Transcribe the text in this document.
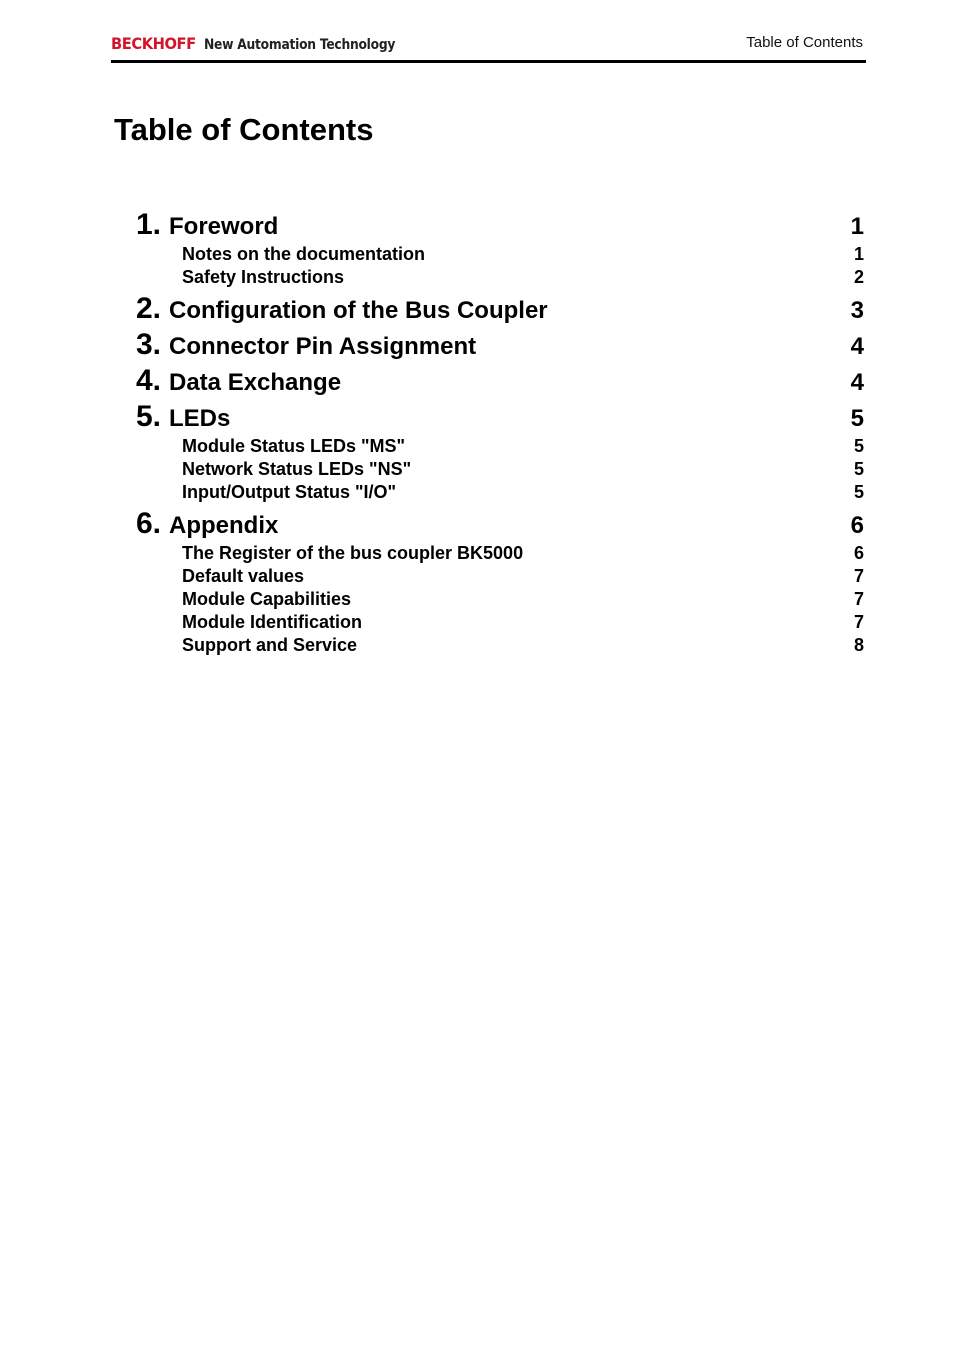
BECKHOFF New Automation Technology	Table of Contents
Table of Contents
1. Foreword	1
Notes on the documentation	1
Safety Instructions	2
2. Configuration of the Bus Coupler	3
3. Connector Pin Assignment	4
4. Data Exchange	4
5. LEDs	5
Module Status LEDs "MS"	5
Network Status LEDs "NS"	5
Input/Output Status "I/O"	5
6. Appendix	6
The Register of the bus coupler BK5000	6
Default values	7
Module Capabilities	7
Module Identification	7
Support and Service	8
